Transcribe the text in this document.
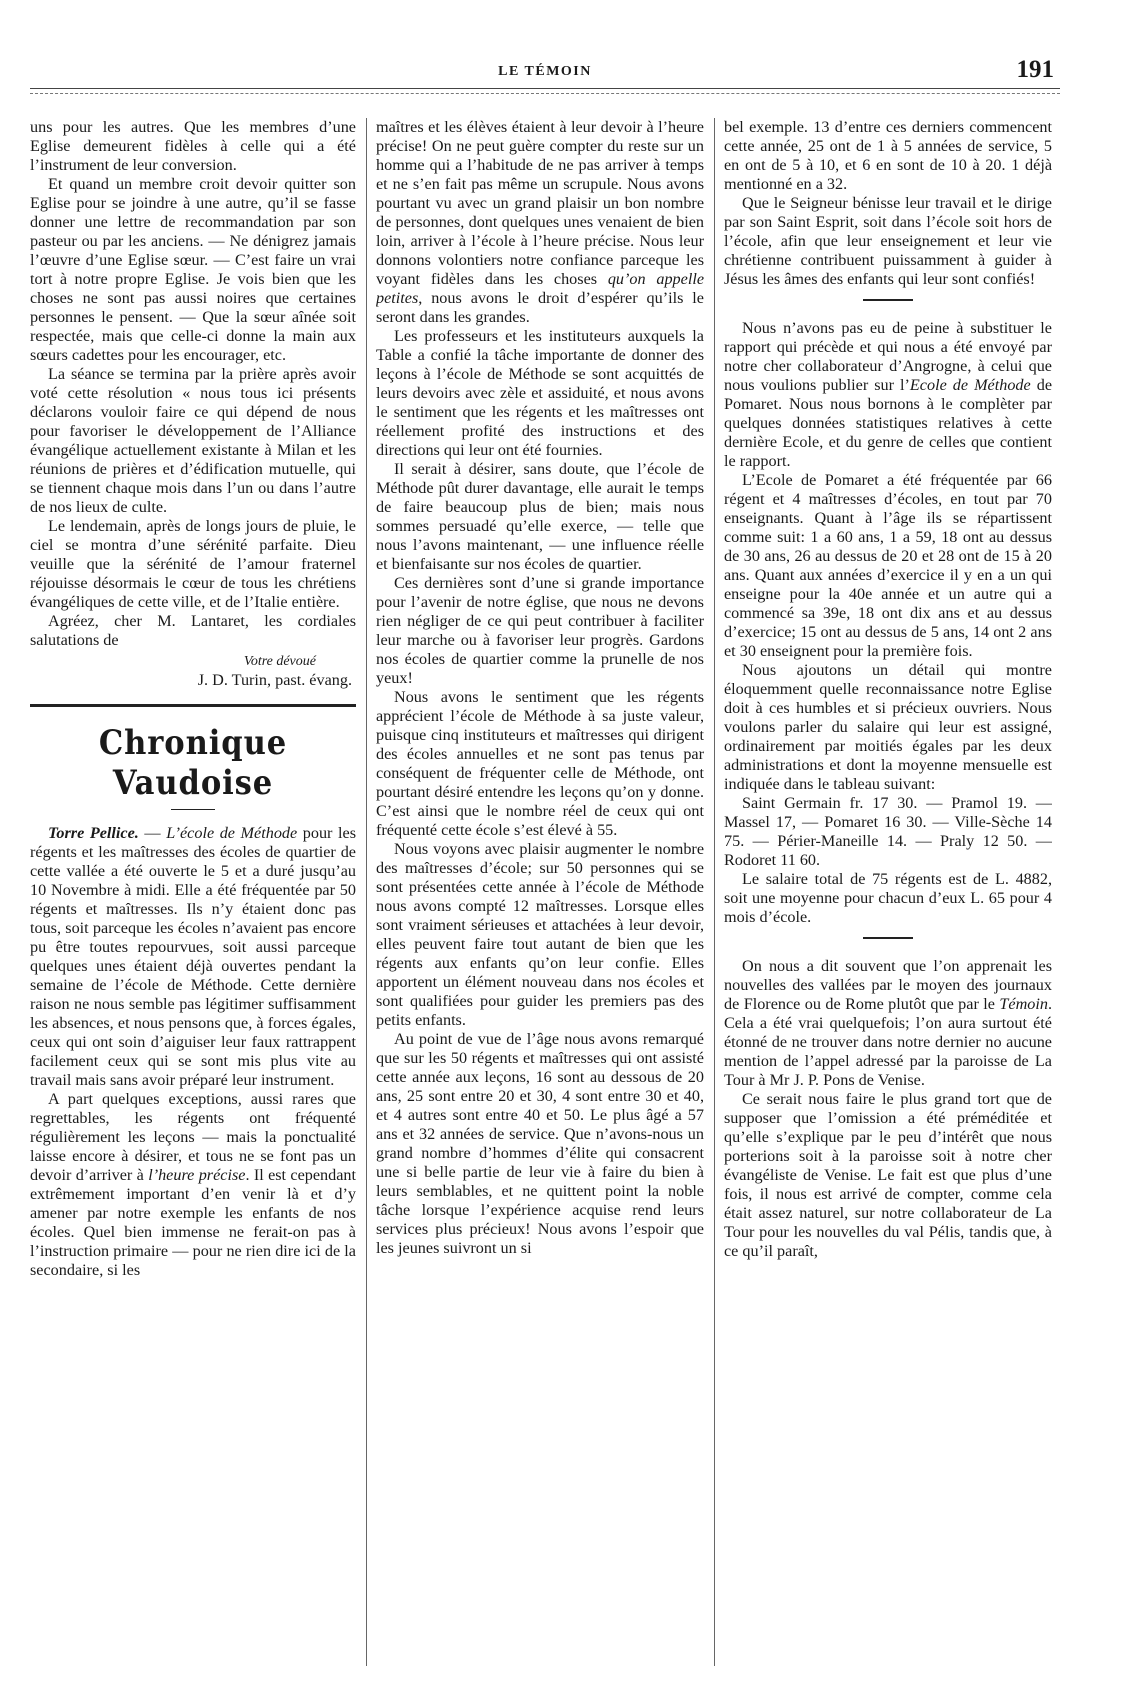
LE TÉMOIN	191

uns pour les autres. Que les membres d’une Eglise demeurent fidèles à celle qui a été l’instrument de leur conversion.

Et quand un membre croit devoir quitter son Eglise pour se joindre à une autre, qu’il se fasse donner une lettre de recommandation par son pasteur ou par les anciens. — Ne dénigrez jamais l’œuvre d’une Eglise sœur. — C’est faire un vrai tort à notre propre Eglise. Je vois bien que les choses ne sont pas aussi noires que certaines personnes le pensent. — Que la sœur aînée soit respectée, mais que celle-ci donne la main aux sœurs cadettes pour les encourager, etc.

La séance se termina par la prière après avoir voté cette résolution « nous tous ici présents déclarons vouloir faire ce qui dépend de nous pour favoriser le développement de l’Alliance évangélique actuellement existante à Milan et les réunions de prières et d’édification mutuelle, qui se tiennent chaque mois dans l’un ou dans l’autre de nos lieux de culte.

Le lendemain, après de longs jours de pluie, le ciel se montra d’une sérénité parfaite. Dieu veuille que la sérénité de l’amour fraternel réjouisse désormais le cœur de tous les chrétiens évangéliques de cette ville, et de l’Italie entière.

Agréez, cher M. Lantaret, les cordiales salutations de

Votre dévoué
J. D. Turin, past. évang.
Chronique Vaudoise

Torre Pellice. — L’école de Méthode pour les régents et les maîtresses des écoles de quartier de cette vallée a été ouverte le 5 et a duré jusqu’au 10 Novembre à midi. Elle a été fréquentée par 50 régents et maîtresses. Ils n’y étaient donc pas tous, soit parceque les écoles n’avaient pas encore pu être toutes repourvues, soit aussi parceque quelques unes étaient déjà ouvertes pendant la semaine de l’école de Méthode. Cette dernière raison ne nous semble pas légitimer suffisamment les absences, et nous pensons que, à forces égales, ceux qui ont soin d’aiguiser leur faux rattrappent facilement ceux qui se sont mis plus vite au travail mais sans avoir préparé leur instrument.

A part quelques exceptions, aussi rares que regrettables, les régents ont fréquenté régulièrement les leçons — mais la ponctualité laisse encore à désirer, et tous ne se font pas un devoir d’arriver à l’heure précise. Il est cependant extrêmement important d’en venir là et d’y amener par notre exemple les enfants de nos écoles. Quel bien immense ne ferait-on pas à l’instruction primaire — pour ne rien dire ici de la secondaire, si les

maîtres et les élèves étaient à leur devoir à l’heure précise! On ne peut guère compter du reste sur un homme qui a l’habitude de ne pas arriver à temps et ne s’en fait pas même un scrupule. Nous avons pourtant vu avec un grand plaisir un bon nombre de personnes, dont quelques unes venaient de bien loin, arriver à l’école à l’heure précise. Nous leur donnons volontiers notre confiance parceque les voyant fidèles dans les choses qu’on appelle petites, nous avons le droit d’espérer qu’ils le seront dans les grandes.

Les professeurs et les instituteurs auxquels la Table a confié la tâche importante de donner des leçons à l’école de Méthode se sont acquittés de leurs devoirs avec zèle et assiduité, et nous avons le sentiment que les régents et les maîtresses ont réellement profité des instructions et des directions qui leur ont été fournies.

Il serait à désirer, sans doute, que l’école de Méthode pût durer davantage, elle aurait le temps de faire beaucoup plus de bien; mais nous sommes persuadé qu’elle exerce, — telle que nous l’avons maintenant, — une influence réelle et bienfaisante sur nos écoles de quartier.

Ces dernières sont d’une si grande importance pour l’avenir de notre église, que nous ne devons rien négliger de ce qui peut contribuer à faciliter leur marche ou à favoriser leur progrès. Gardons nos écoles de quartier comme la prunelle de nos yeux!

Nous avons le sentiment que les régents apprécient l’école de Méthode à sa juste valeur, puisque cinq instituteurs et maîtresses qui dirigent des écoles annuelles et ne sont pas tenus par conséquent de fréquenter celle de Méthode, ont pourtant désiré entendre les leçons qu’on y donne. C’est ainsi que le nombre réel de ceux qui ont fréquenté cette école s’est élevé à 55.

Nous voyons avec plaisir augmenter le nombre des maîtresses d’école; sur 50 personnes qui se sont présentées cette année à l’école de Méthode nous avons compté 12 maîtresses. Lorsque elles sont vraiment sérieuses et attachées à leur devoir, elles peuvent faire tout autant de bien que les régents aux enfants qu’on leur confie. Elles apportent un élément nouveau dans nos écoles et sont qualifiées pour guider les premiers pas des petits enfants.

Au point de vue de l’âge nous avons remarqué que sur les 50 régents et maîtresses qui ont assisté cette année aux leçons, 16 sont au dessous de 20 ans, 25 sont entre 20 et 30, 4 sont entre 30 et 40, et 4 autres sont entre 40 et 50. Le plus âgé a 57 ans et 32 années de service. Que n’avons-nous un grand nombre d’hommes d’élite qui consacrent une si belle partie de leur vie à faire du bien à leurs semblables, et ne quittent point la noble tâche lorsque l’expérience acquise rend leurs services plus précieux! Nous avons l’espoir que les jeunes suivront un si

bel exemple. 13 d’entre ces derniers commencent cette année, 25 ont de 1 à 5 années de service, 5 en ont de 5 à 10, et 6 en sont de 10 à 20. 1 déjà mentionné en a 32.

Que le Seigneur bénisse leur travail et le dirige par son Saint Esprit, soit dans l’école soit hors de l’école, afin que leur enseignement et leur vie chrétienne contribuent puissamment à guider à Jésus les âmes des enfants qui leur sont confiés!

Nous n’avons pas eu de peine à substituer le rapport qui précède et qui nous a été envoyé par notre cher collaborateur d’Angrogne, à celui que nous voulions publier sur l’Ecole de Méthode de Pomaret. Nous nous bornons à le complèter par quelques données statistiques relatives à cette dernière Ecole, et du genre de celles que contient le rapport.

L’Ecole de Pomaret a été fréquentée par 66 régent et 4 maîtresses d’écoles, en tout par 70 enseignants. Quant à l’âge ils se répartissent comme suit: 1 a 60 ans, 1 a 59, 18 ont au dessus de 30 ans, 26 au dessus de 20 et 28 ont de 15 à 20 ans. Quant aux années d’exercice il y en a un qui enseigne pour la 40e année et un autre qui a commencé sa 39e, 18 ont dix ans et au dessus d’exercice; 15 ont au dessus de 5 ans, 14 ont 2 ans et 30 enseignent pour la première fois.

Nous ajoutons un détail qui montre éloquemment quelle reconnaissance notre Eglise doit à ces humbles et si précieux ouvriers. Nous voulons parler du salaire qui leur est assigné, ordinairement par moitiés égales par les deux administrations et dont la moyenne mensuelle est indiquée dans le tableau suivant:

Saint Germain fr. 17 30. — Pramol 19. — Massel 17, — Pomaret 16 30. — Ville-Sèche 14 75. — Périer-Maneille 14. — Praly 12 50. — Rodoret 11 60.

Le salaire total de 75 régents est de L. 4882, soit une moyenne pour chacun d’eux L. 65 pour 4 mois d’école.

On nous a dit souvent que l’on apprenait les nouvelles des vallées par le moyen des journaux de Florence ou de Rome plutôt que par le Témoin. Cela a été vrai quelquefois; l’on aura surtout été étonné de ne trouver dans notre dernier no aucune mention de l’appel adressé par la paroisse de La Tour à Mr J. P. Pons de Venise.

Ce serait nous faire le plus grand tort que de supposer que l’omission a été préméditée et qu’elle s’explique par le peu d’intérêt que nous porterions soit à la paroisse soit à notre cher évangéliste de Venise. Le fait est que plus d’une fois, il nous est arrivé de compter, comme cela était assez naturel, sur notre collaborateur de La Tour pour les nouvelles du val Pélis, tandis que, à ce qu’il paraît,
